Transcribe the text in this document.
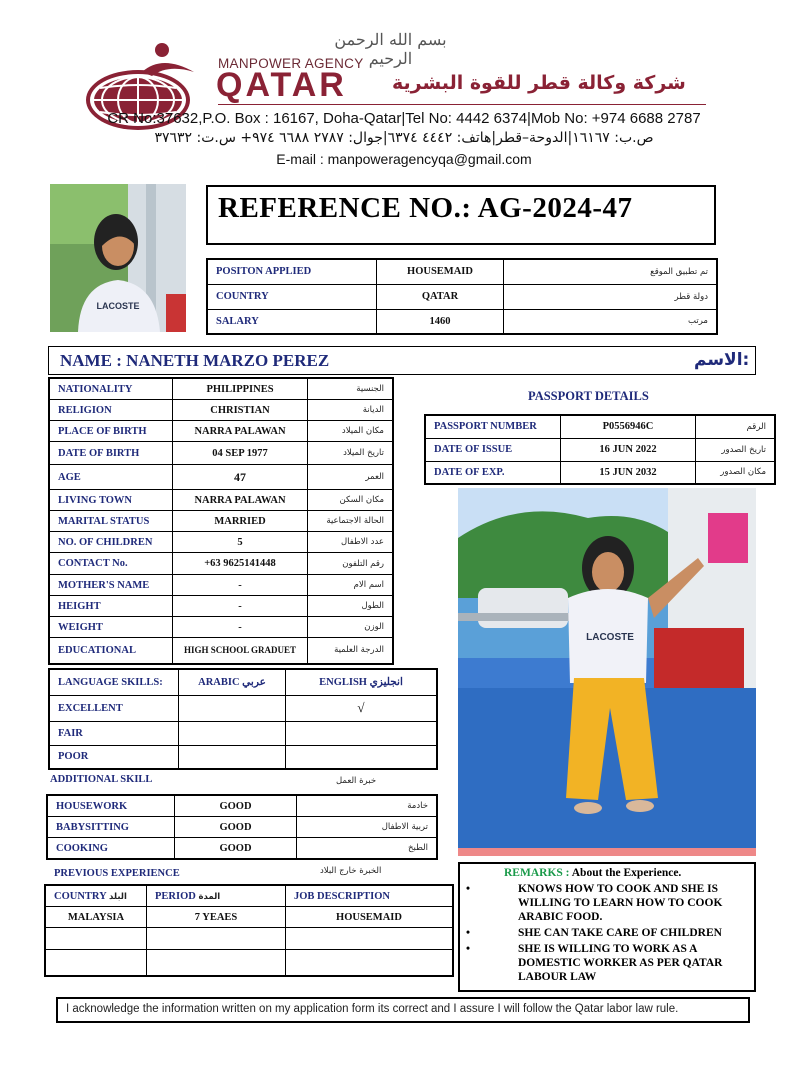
بسم الله الرحمن الرحيم
MANPOWER AGENCY
QATAR شركة وكالة قطر للقوة البشرية
CR No:37632,P.O. Box : 16167, Doha-Qatar|Tel No: 4442 6374|Mob No: +974 6688 2787
ص.ب: ١٦١٦٧|الدوحة–قطر|هاتف: ٤٤٤٢ ٦٣٧٤|جوال: ٢٧٨٧ ٦٦٨٨ ٩٧٤+ س.ت: ٣٧٦٣٢
E-mail : manpoweragencyqa@gmail.com
LACOSTE
REFERENCE NO.: AG-2024-47
POSITON APPLIED	HOUSEMAID	تم تطبيق الموقع
COUNTRY	QATAR	دولة قطر
SALARY	1460	مرتب
NAME : NANETH MARZO PEREZ	الاسم:
NATIONALITY	PHILIPPINES	الجنسية
RELIGION	CHRISTIAN	الديانة
PLACE OF BIRTH	NARRA PALAWAN	مكان الميلاد
DATE OF BIRTH	04 SEP 1977	تاريخ الميلاد
AGE	47	العمر
LIVING TOWN	NARRA PALAWAN	مكان السكن
MARITAL STATUS	MARRIED	الحالة الاجتماعية
NO. OF CHILDREN	5	عدد الاطفال
CONTACT No.	+63 9625141448	رقم التلفون
MOTHER'S NAME	-	اسم الام
HEIGHT	-	الطول
WEIGHT	-	الوزن
EDUCATIONAL	HIGH SCHOOL GRADUET	الدرجة العلمية
PASSPORT DETAILS
PASSPORT NUMBER	P0556946C	الرقم
DATE OF ISSUE	16 JUN 2022	تاريخ الصدور
DATE OF EXP.	15 JUN 2032	مكان الصدور
LACOSTE
LANGUAGE SKILLS:	ARABIC عربي	ENGLISH انجليزي
EXCELLENT		√
FAIR		
POOR		
ADDITIONAL SKILL	خبرة العمل
HOUSEWORK	GOOD	خادمة
BABYSITTING	GOOD	تربية الاطفال
COOKING	GOOD	الطبخ
PREVIOUS EXPERIENCE	الخبرة خارج البلاد
COUNTRY البلد	PERIOD المدة	JOB DESCRIPTION
MALAYSIA	7 YEAES	HOUSEMAID

REMARKS : About the Experience.
• KNOWS HOW TO COOK AND SHE IS WILLING TO LEARN HOW TO COOK ARABIC FOOD.
• SHE CAN TAKE CARE OF CHILDREN
• SHE IS WILLING TO WORK AS A DOMESTIC WORKER AS PER QATAR LABOUR LAW
I acknowledge the information written on my application form its correct and I assure I will follow the Qatar labor law rule.
